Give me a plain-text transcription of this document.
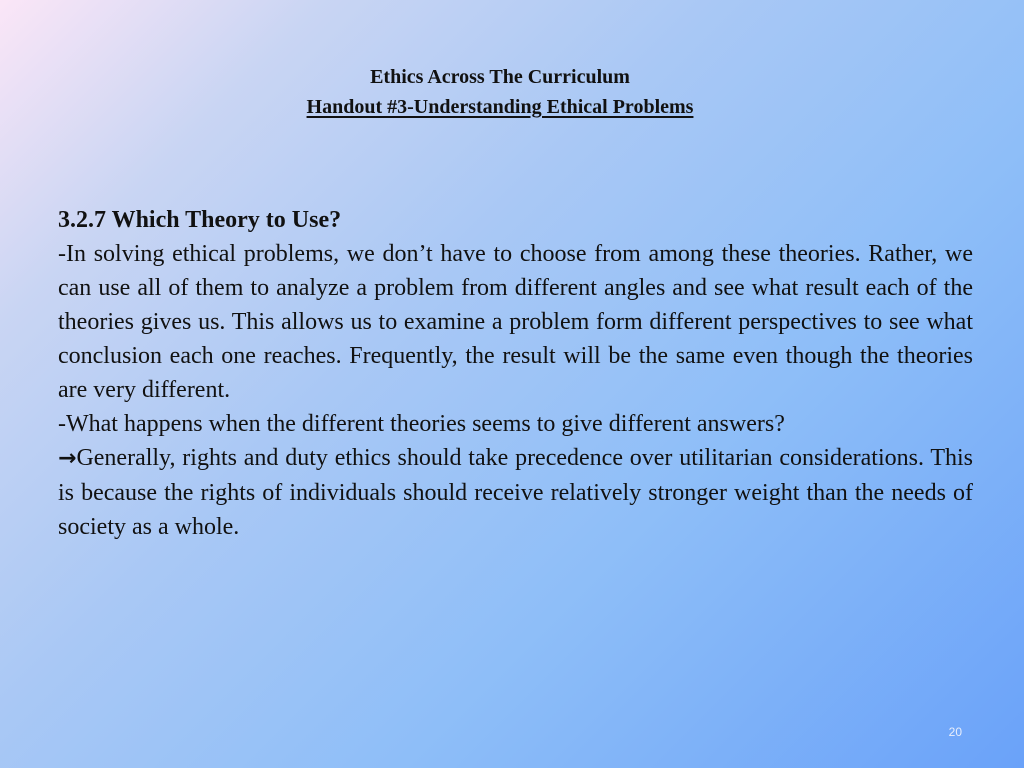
Ethics Across The Curriculum
Handout #3-Understanding Ethical Problems
3.2.7 Which Theory to Use?

-In solving ethical problems, we don’t have to choose from among these theories. Rather, we can use all of them to analyze a problem from different angles and see what result each of the theories gives us. This allows us to examine a problem form different perspectives to see what conclusion each one reaches. Frequently, the result will be the same even though the theories are very different.

-What happens when the different theories seems to give different answers?

→Generally, rights and duty ethics should take precedence over utilitarian considerations. This is because the rights of individuals should receive relatively stronger weight than the needs of society as a whole.

20
